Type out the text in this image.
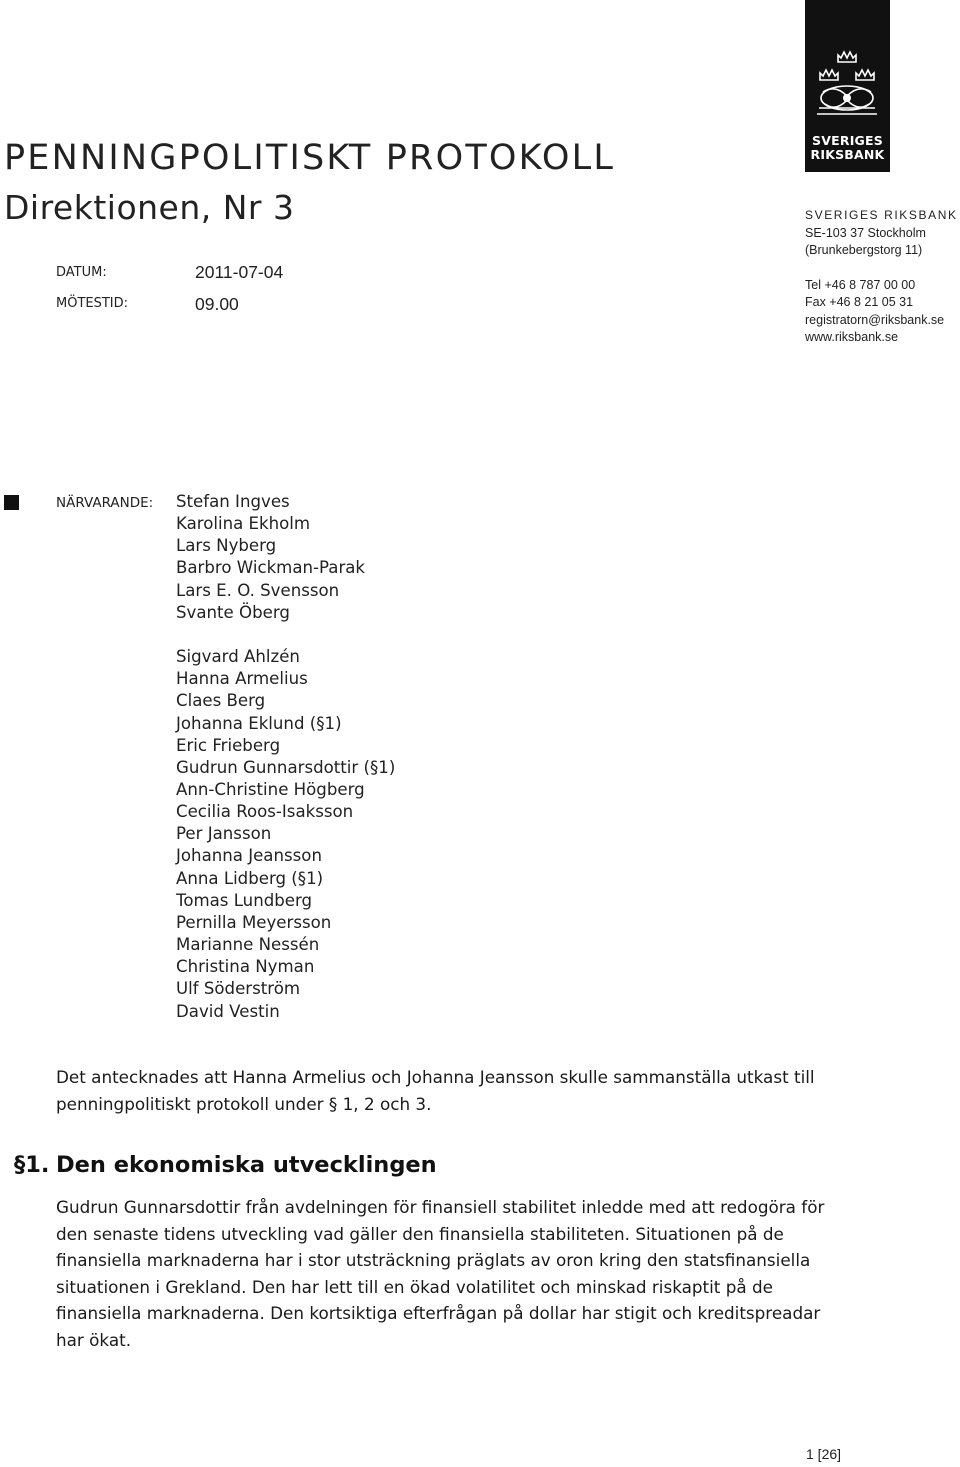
SVERIGES
RIKSBANK
SVERIGES RIKSBANK
SE-103 37 Stockholm
(Brunkebergstorg 11)
Tel +46 8 787 00 00
Fax +46 8 21 05 31
registratorn@riksbank.se
www.riksbank.se
PENNINGPOLITISKT PROTOKOLL
Direktionen, Nr 3
DATUM:	2011-07-04
MÖTESTID:	09.00
NÄRVARANDE: Stefan Ingves
Karolina Ekholm
Lars Nyberg
Barbro Wickman-Parak
Lars E. O. Svensson
Svante Öberg
Sigvard Ahlzén
Hanna Armelius
Claes Berg
Johanna Eklund (§1)
Eric Frieberg
Gudrun Gunnarsdottir (§1)
Ann-Christine Högberg
Cecilia Roos-Isaksson
Per Jansson
Johanna Jeansson
Anna Lidberg (§1)
Tomas Lundberg
Pernilla Meyersson
Marianne Nessén
Christina Nyman
Ulf Söderström
David Vestin
Det antecknades att Hanna Armelius och Johanna Jeansson skulle sammanställa utkast till penningpolitiskt protokoll under § 1, 2 och 3.
§1. Den ekonomiska utvecklingen
Gudrun Gunnarsdottir från avdelningen för finansiell stabilitet inledde med att redogöra för den senaste tidens utveckling vad gäller den finansiella stabiliteten. Situationen på de finansiella marknaderna har i stor utsträckning präglats av oron kring den statsfinansiella situationen i Grekland. Den har lett till en ökad volatilitet och minskad riskaptit på de finansiella marknaderna. Den kortsiktiga efterfrågan på dollar har stigit och kreditspreadar har ökat.
1 [26]
